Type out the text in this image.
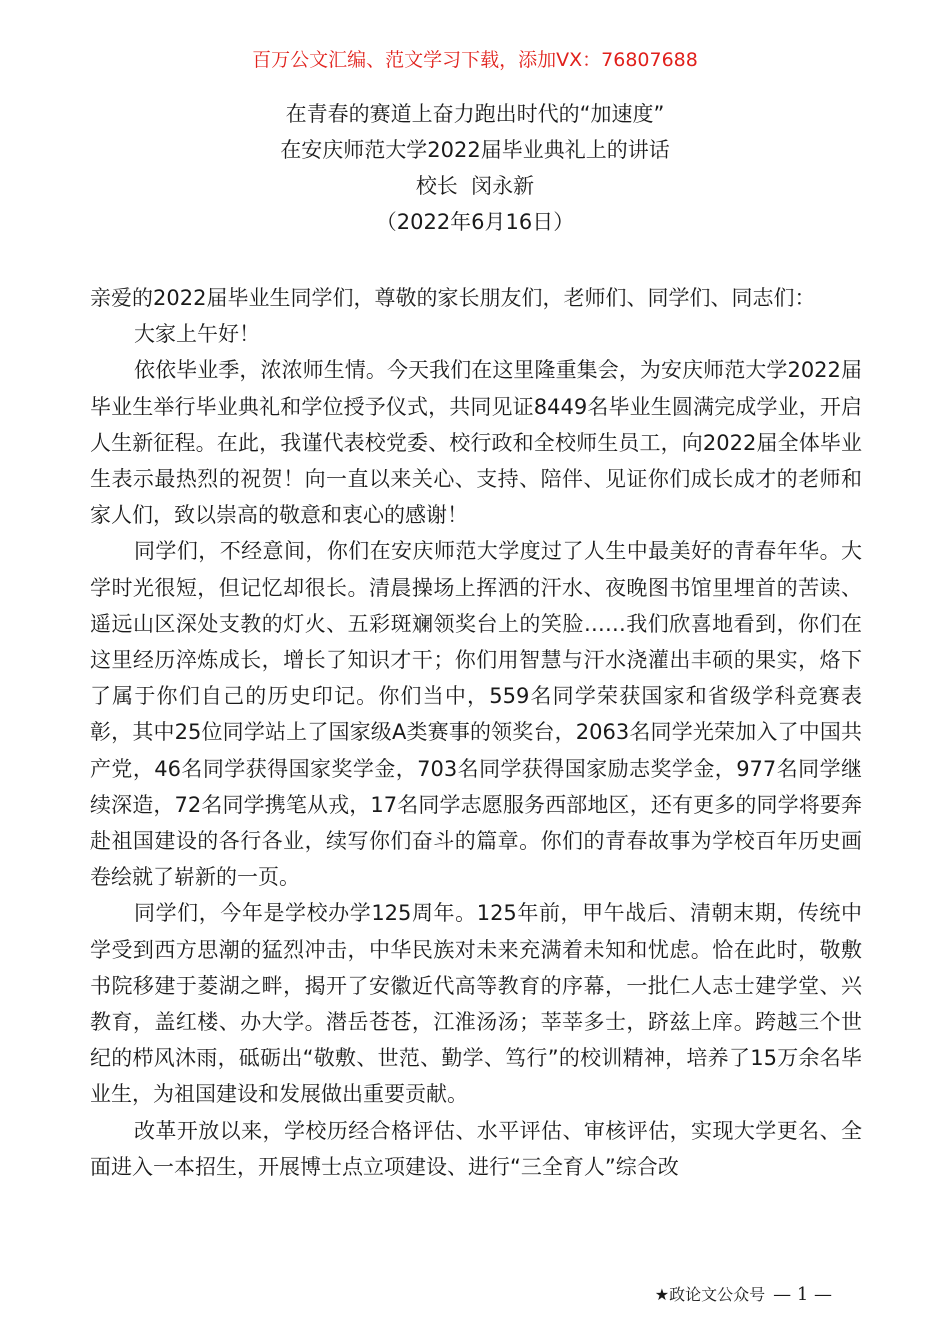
百万公文汇编、范文学习下载，添加VX：76807688
在青春的赛道上奋力跑出时代的“加速度”
在安庆师范大学2022届毕业典礼上的讲话
校长  闵永新
（2022年6月16日）

亲爱的2022届毕业生同学们，尊敬的家长朋友们，老师们、同学们、同志们：

大家上午好！

依依毕业季，浓浓师生情。今天我们在这里隆重集会，为安庆师范大学2022届毕业生举行毕业典礼和学位授予仪式，共同见证8449名毕业生圆满完成学业，开启人生新征程。在此，我谨代表校党委、校行政和全校师生员工，向2022届全体毕业生表示最热烈的祝贺！向一直以来关心、支持、陪伴、见证你们成长成才的老师和家人们，致以崇高的敬意和衷心的感谢！

同学们，不经意间，你们在安庆师范大学度过了人生中最美好的青春年华。大学时光很短，但记忆却很长。清晨操场上挥洒的汗水、夜晚图书馆里埋首的苦读、遥远山区深处支教的灯火、五彩斑斓领奖台上的笑脸……我们欣喜地看到，你们在这里经历淬炼成长，增长了知识才干；你们用智慧与汗水浇灌出丰硕的果实，烙下了属于你们自己的历史印记。你们当中，559名同学荣获国家和省级学科竞赛表彰，其中25位同学站上了国家级A类赛事的领奖台，2063名同学光荣加入了中国共产党，46名同学获得国家奖学金，703名同学获得国家励志奖学金，977名同学继续深造，72名同学携笔从戎，17名同学志愿服务西部地区，还有更多的同学将要奔赴祖国建设的各行各业，续写你们奋斗的篇章。你们的青春故事为学校百年历史画卷绘就了崭新的一页。

同学们，今年是学校办学125周年。125年前，甲午战后、清朝末期，传统中学受到西方思潮的猛烈冲击，中华民族对未来充满着未知和忧虑。恰在此时，敬敷书院移建于菱湖之畔，揭开了安徽近代高等教育的序幕，一批仁人志士建学堂、兴教育，盖红楼、办大学。潜岳苍苍，江淮汤汤；莘莘多士，跻兹上庠。跨越三个世纪的栉风沐雨，砥砺出“敬敷、世范、勤学、笃行”的校训精神，培养了15万余名毕业生，为祖国建设和发展做出重要贡献。

改革开放以来，学校历经合格评估、水平评估、审核评估，实现大学更名、全面进入一本招生，开展博士点立项建设、进行“三全育人”综合改

★政论文公众号 — 1 —
